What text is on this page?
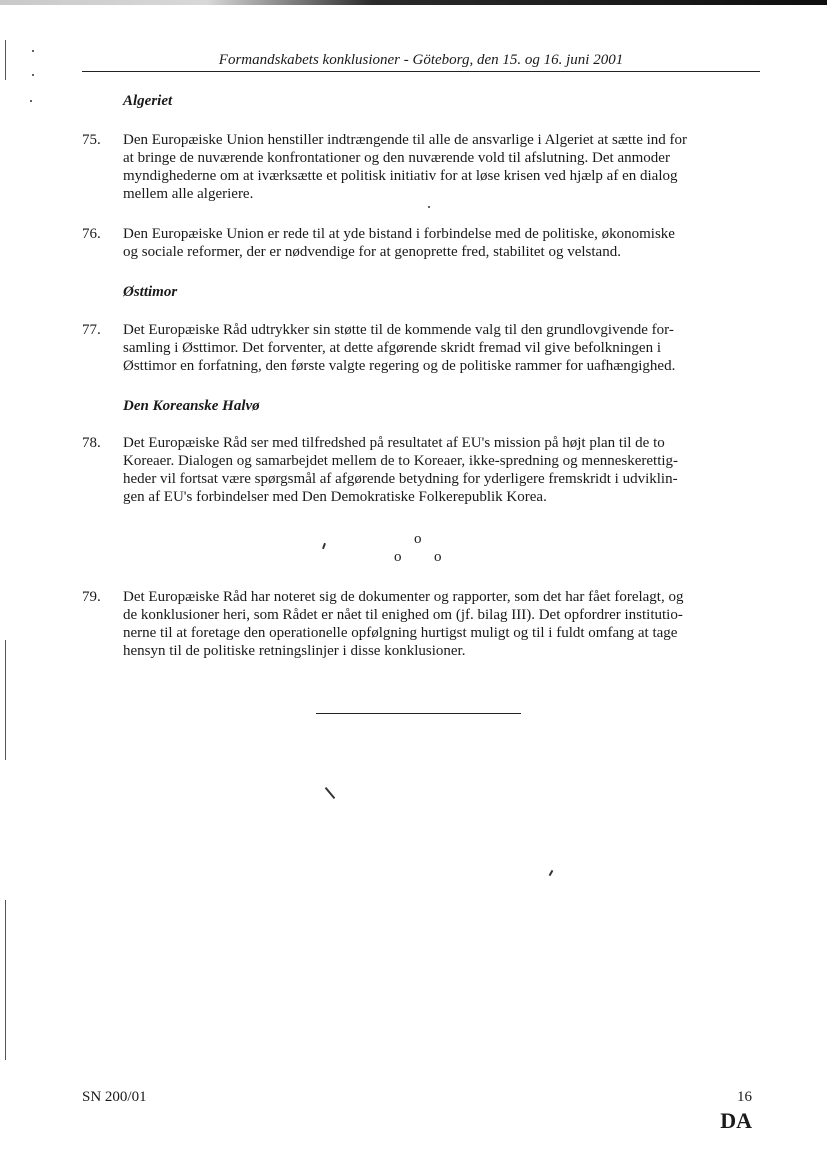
Formandskabets konklusioner - Göteborg, den 15. og 16. juni 2001
Algeriet
75.	Den Europæiske Union henstiller indtrængende til alle de ansvarlige i Algeriet at sætte ind for
at bringe de nuværende konfrontationer og den nuværende vold til afslutning. Det anmoder
myndighederne om at iværksætte et politisk initiativ for at løse krisen ved hjælp af en dialog
mellem alle algeriere.

76.	Den Europæiske Union er rede til at yde bistand i forbindelse med de politiske, økonomiske
og sociale reformer, der er nødvendige for at genoprette fred, stabilitet og velstand.

Østtimor
77.	Det Europæiske Råd udtrykker sin støtte til de kommende valg til den grundlovgivende for-
samling i Østtimor. Det forventer, at dette afgørende skridt fremad vil give befolkningen i
Østtimor en forfatning, den første valgte regering og de politiske rammer for uafhængighed.

Den Koreanske Halvø
78.	Det Europæiske Råd ser med tilfredshed på resultatet af EU's mission på højt plan til de to
Koreaer. Dialogen og samarbejdet mellem de to Koreaer, ikke-spredning og menneskerettig-
heder vil fortsat være spørgsmål af afgørende betydning for yderligere fremskridt i udviklin-
gen af EU's forbindelser med Den Demokratiske Folkerepublik Korea.

o
o o
79.	Det Europæiske Råd har noteret sig de dokumenter og rapporter, som det har fået forelagt, og
de konklusioner heri, som Rådet er nået til enighed om (jf. bilag III). Det opfordrer institutio-
nerne til at foretage den operationelle opfølgning hurtigst muligt og til i fuldt omfang at tage
hensyn til de politiske retningslinjer i disse konklusioner.

SN 200/01	16
DA
